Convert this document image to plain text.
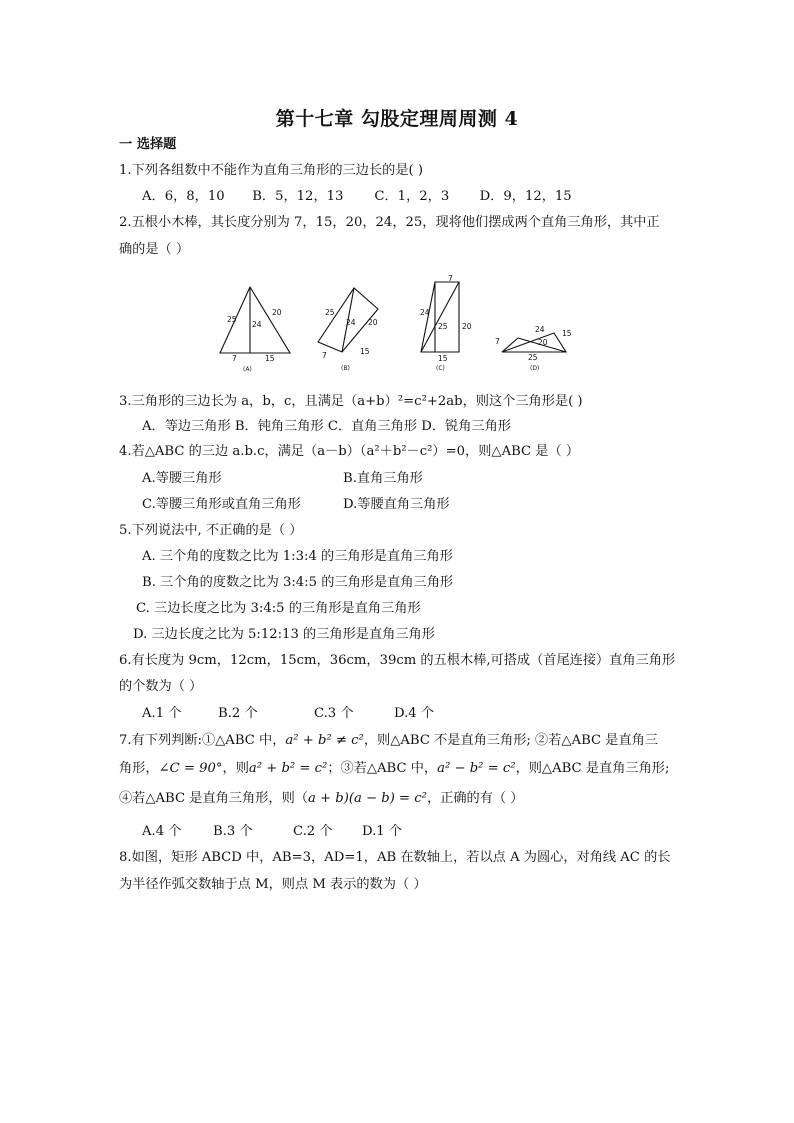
第十七章 勾股定理周周测 4
一 选择题
1.下列各组数中不能作为直角三角形的三边长的是( )
A．6，8，10 B．5，12，13 C．1，2，3 D．9，12，15
2.五根小木棒，其长度分别为 7，15，20，24，25，现将他们摆成两个直角三角形，其中正
确的是（ ）
25
24
20
7	15
(A)
25
24 20
7	15
(B)
7
24
25 20
15
(C)
24 15
7	20
25
(D)
3.三角形的三边长为 a，b，c，且满足（a+b）²=c²+2ab，则这个三角形是( )
A．等边三角形 B．钝角三角形 C．直角三角形 D．锐角三角形
4.若△ABC 的三边 a.b.c，满足（a－b）（a²＋b²－c²）=0，则△ABC 是（ ）
A.等腰三角形	B.直角三角形
C.等腰三角形或直角三角形	D.等腰直角三角形
5.下列说法中, 不正确的是（ ）
A. 三个角的度数之比为 1:3:4 的三角形是直角三角形
B. 三个角的度数之比为 3:4:5 的三角形是直角三角形
C. 三边长度之比为 3:4:5 的三角形是直角三角形
D. 三边长度之比为 5:12:13 的三角形是直角三角形
6.有长度为 9cm，12cm，15cm，36cm，39cm 的五根木棒,可搭成（首尾连接）直角三角形
的个数为（ ）
A.1 个	B.2 个	C.3 个	D.4 个
7.有下列判断:①△ABC 中，a² + b² ≠ c²，则△ABC 不是直角三角形; ②若△ABC 是直角三
角形，∠C = 90°，则a² + b² = c²；③若△ABC 中，a² − b² = c²，则△ABC 是直角三角形;
④若△ABC 是直角三角形，则（a + b)(a − b) = c²，正确的有（ ）
A.4 个 B.3 个	C.2 个 D.1 个
8.如图，矩形 ABCD 中，AB=3，AD=1，AB 在数轴上，若以点 A 为圆心，对角线 AC 的长
为半径作弧交数轴于点 M，则点 M 表示的数为（ ）
